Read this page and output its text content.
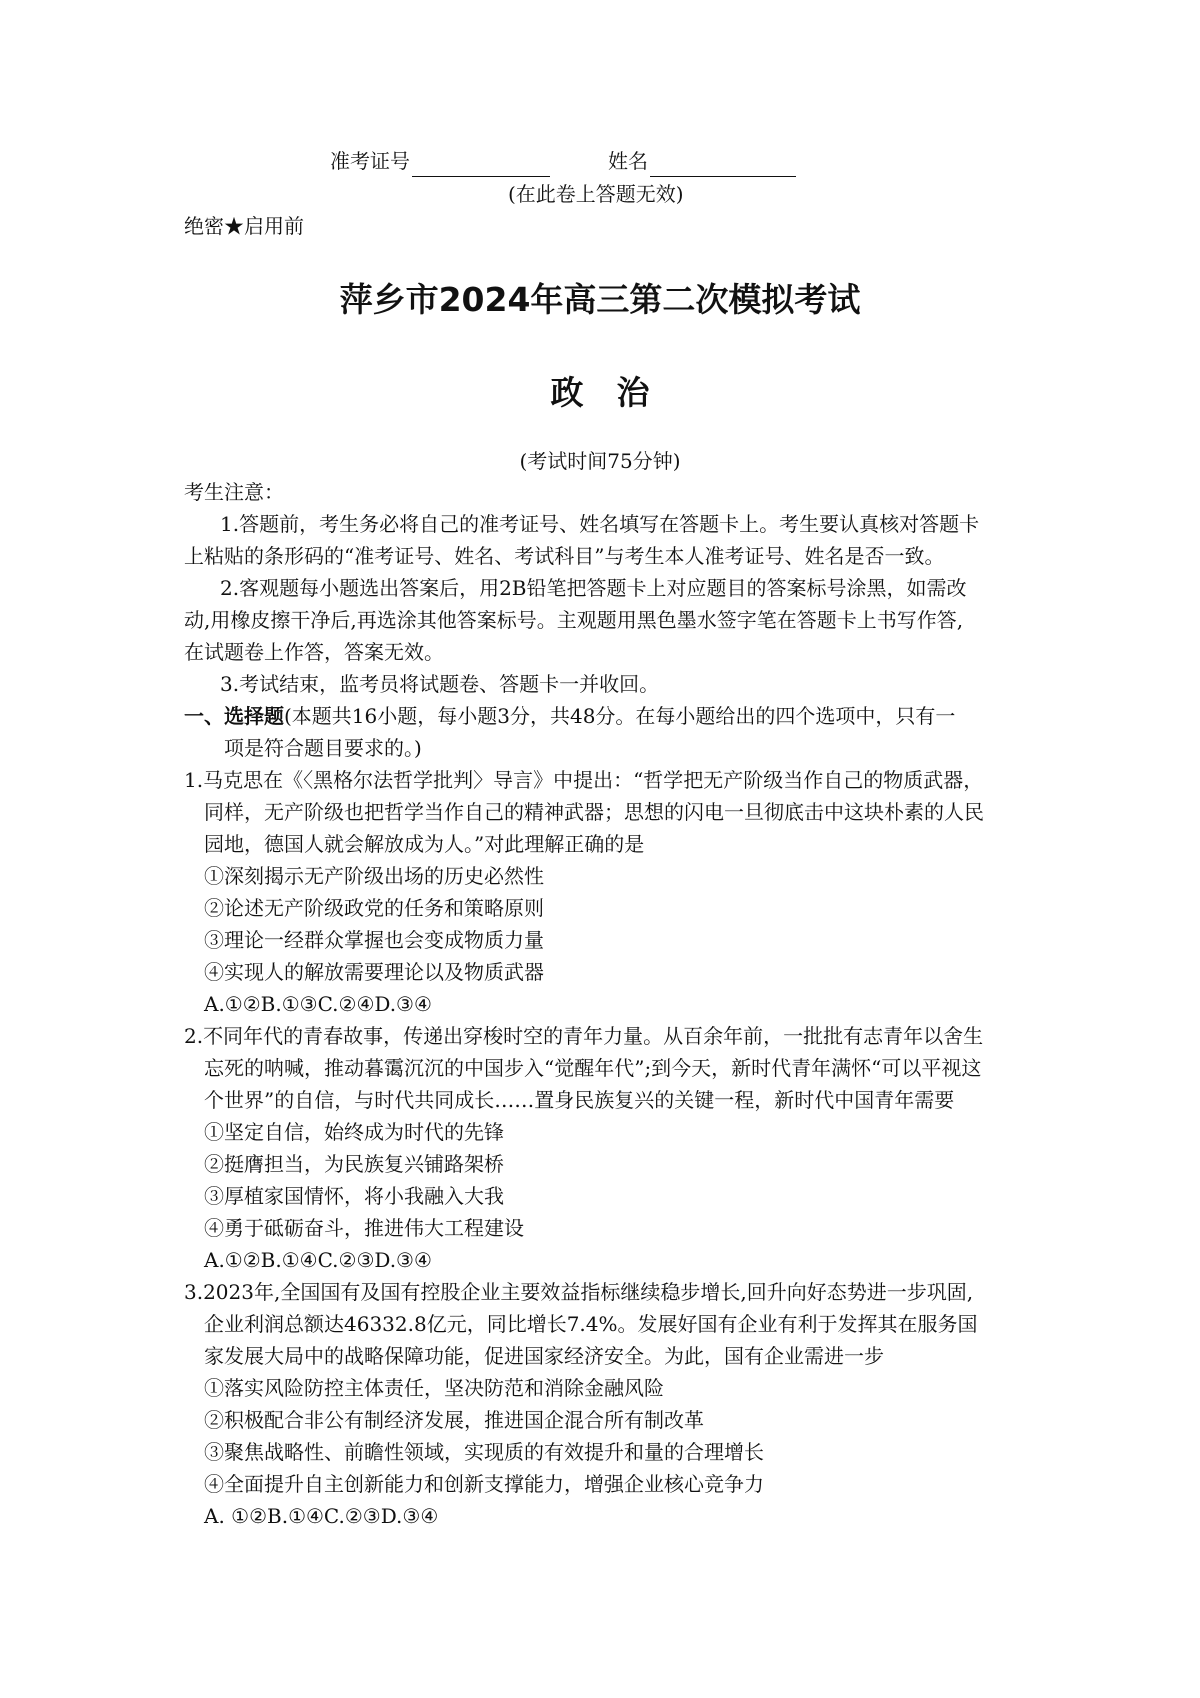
准考证号	姓名
(在此卷上答题无效)
绝密★启用前
萍乡市2024年高三第二次模拟考试
政　治
(考试时间75分钟)
考生注意：
1.答题前，考生务必将自己的准考证号、姓名填写在答题卡上。考生要认真核对答题卡
上粘贴的条形码的“准考证号、姓名、考试科目”与考生本人准考证号、姓名是否一致。
2.客观题每小题选出答案后，用2B铅笔把答题卡上对应题目的答案标号涂黑，如需改
动,用橡皮擦干净后,再选涂其他答案标号。主观题用黑色墨水签字笔在答题卡上书写作答,
在试题卷上作答，答案无效。
3.考试结束，监考员将试题卷、答题卡一并收回。
一、选择题(本题共16小题，每小题3分，共48分。在每小题给出的四个选项中，只有一
项是符合题目要求的。)
1.马克思在《〈黑格尔法哲学批判〉导言》中提出：“哲学把无产阶级当作自己的物质武器，
同样，无产阶级也把哲学当作自己的精神武器；思想的闪电一旦彻底击中这块朴素的人民
园地，德国人就会解放成为人。”对此理解正确的是
①深刻揭示无产阶级出场的历史必然性
②论述无产阶级政党的任务和策略原则
③理论一经群众掌握也会变成物质力量
④实现人的解放需要理论以及物质武器
A.①②B.①③C.②④D.③④
2.不同年代的青春故事，传递出穿梭时空的青年力量。从百余年前，一批批有志青年以舍生
忘死的呐喊，推动暮霭沉沉的中国步入“觉醒年代”;到今天，新时代青年满怀“可以平视这
个世界”的自信，与时代共同成长……置身民族复兴的关键一程，新时代中国青年需要
①坚定自信，始终成为时代的先锋
②挺膺担当，为民族复兴铺路架桥
③厚植家国情怀，将小我融入大我
④勇于砥砺奋斗，推进伟大工程建设
A.①②B.①④C.②③D.③④
3.2023年,全国国有及国有控股企业主要效益指标继续稳步增长,回升向好态势进一步巩固,
企业利润总额达46332.8亿元，同比增长7.4%。发展好国有企业有利于发挥其在服务国
家发展大局中的战略保障功能，促进国家经济安全。为此，国有企业需进一步
①落实风险防控主体责任，坚决防范和消除金融风险
②积极配合非公有制经济发展，推进国企混合所有制改革
③聚焦战略性、前瞻性领域，实现质的有效提升和量的合理增长
④全面提升自主创新能力和创新支撑能力，增强企业核心竞争力
A. ①②B.①④C.②③D.③④
